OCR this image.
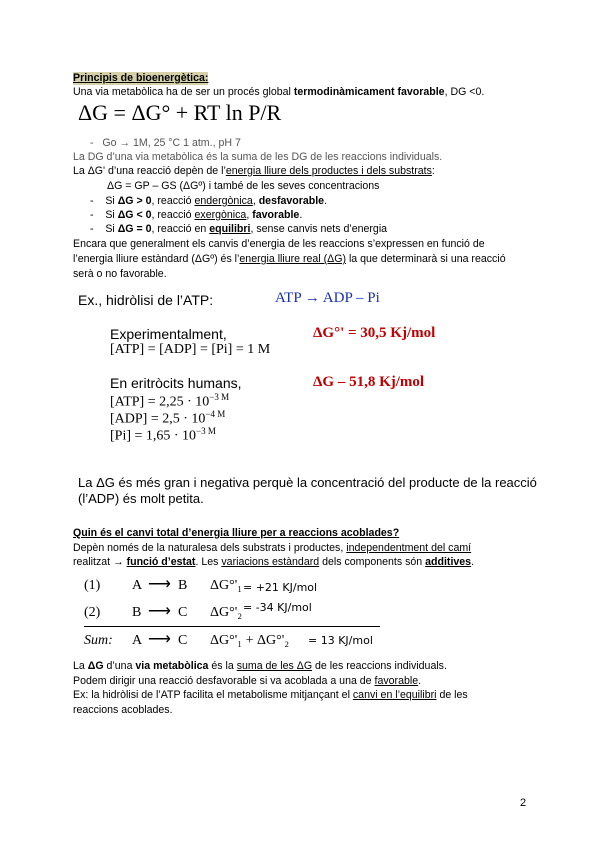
Principis de bioenergètica:
Una via metabòlica ha de ser un procés global termodinàmicament favorable, DG <0.
ΔG = ΔG° + RT ln P/R
-   Go → 1M, 25 °C 1 atm., pH 7
La DG d’una via metabòlica és la suma de les DG de les reaccions individuals.
La ΔG' d’una reacció depèn de l’energia lliure dels productes i dels substrats:
ΔG = GP – GS (ΔGº) i també de les seves concentracions
-    Si ΔG > 0, reacció endergònica, desfavorable.
-    Si ΔG < 0, reacció exergònica, favorable.
-    Si ΔG = 0, reacció en equilibri, sense canvis nets d’energia
Encara que generalment els canvis d’energia de les reaccions s’expressen en funció de
l’energia lliure estàndard (ΔGº) és l’energia lliure real (ΔG) la que determinarà si una reacció
serà o no favorable.
Ex., hidròlisi de l’ATP:	ATP → ADP – Pi
Experimentalment,
[ATP] = [ADP] = [Pi] = 1 M
ΔG°' = 30,5 Kj/mol
En eritròcits humans,	ΔG – 51,8 Kj/mol
$[ATP] = 2,25 \cdot 10^{-3 M}$
$[ADP] = 2,5 \cdot 10^{-4 M}$
$[Pi] = 1,65 \cdot 10^{-3 M}$
La ΔG és més gran i negativa perquè la concentració del producte de la reacció
(l’ADP) és molt petita.
Quin és el canvi total d’energia lliure per a reaccions acoblades?
Depèn només de la naturalesa dels substrats i productes, independentment del camí
realitzat → funció d’estat. Les variacions estàndard dels components són additives.
(1) A ⟶ B ΔG°'₁ = +21 KJ/mol
(2) B ⟶ C ΔG°'₂ = -34 KJ/mol
Sum: A ⟶ C ΔG°'₁ + ΔG°'₂ = 13 KJ/mol
La ΔG d’una via metabòlica és la suma de les ΔG de les reaccions individuals.
Podem dirigir una reacció desfavorable si va acoblada a una de favorable.
Ex: la hidròlisi de l’ATP facilita el metabolisme mitjançant el canvi en l’equilibri de les
reaccions acoblades.
2
